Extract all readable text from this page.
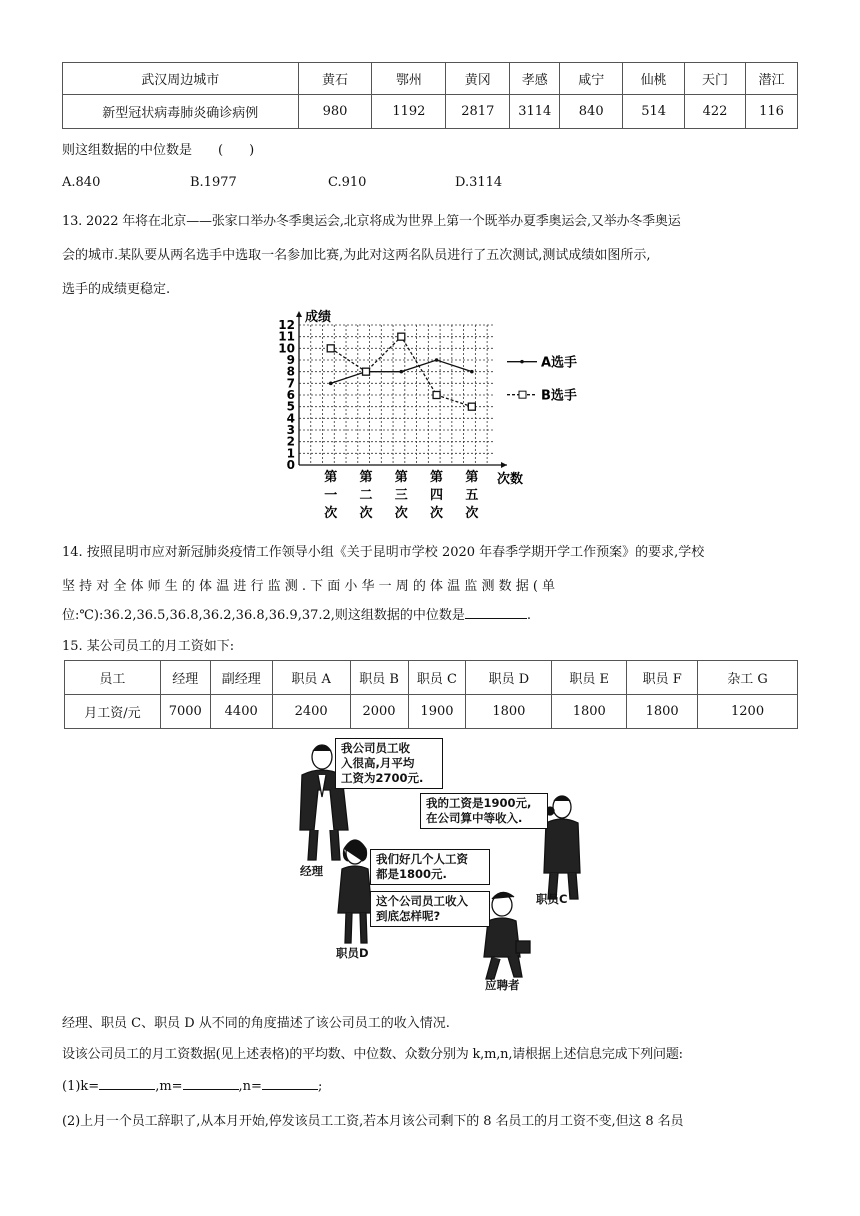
武汉周边城市	黄石	鄂州	黄冈	孝感	咸宁	仙桃	天门	潜江
新型冠状病毒肺炎确诊病例	980	1192	2817	3114	840	514	422	116
则这组数据的中位数是　　(　　)
A.840	B.1977	C.910	D.3114
13. 2022 年将在北京——张家口举办冬季奥运会,北京将成为世界上第一个既举办夏季奥运会,又举办冬季奥运
会的城市.某队要从两名选手中选取一名参加比赛,为此对这两名队员进行了五次测试,测试成绩如图所示,
选手的成绩更稳定.
0
1
2
3
4
5
6
7
8
9
10
11
12 成绩
次数
第
一
次
第
二
次
第
三
次
第
四
次
第
五
次
A选手
B选手
14. 按照昆明市应对新冠肺炎疫情工作领导小组《关于昆明市学校 2020 年春季学期开学工作预案》的要求,学校
坚 持 对 全 体 师 生 的 体 温 进 行 监 测 . 下 面 小 华 一 周 的 体 温 监 测 数 据 ( 单
位:℃):36.2,36.5,36.8,36.2,36.8,36.9,37.2,则这组数据的中位数是	.
15. 某公司员工的月工资如下:
员工	经理	副经理	职员 A	职员 B	职员 C	职员 D	职员 E	职员 F	杂工 G
月工资/元	7000	4400	2400	2000	1900	1800	1800	1800	1200
我公司员工收
入很高,月平均
工资为2700元.
我的工资是1900元,
在公司算中等收入.
我们好几个人工资
都是1800元.
这个公司员工收入
到底怎样呢?
经理
职员C
职员D
应聘者
经理、职员 C、职员 D 从不同的角度描述了该公司员工的收入情况.
设该公司员工的月工资数据(见上述表格)的平均数、中位数、众数分别为 k,m,n,请根据上述信息完成下列问题:
(1)k=	,m=	,n=	;
(2)上月一个员工辞职了,从本月开始,停发该员工工资,若本月该公司剩下的 8 名员工的月工资不变,但这 8 名员
